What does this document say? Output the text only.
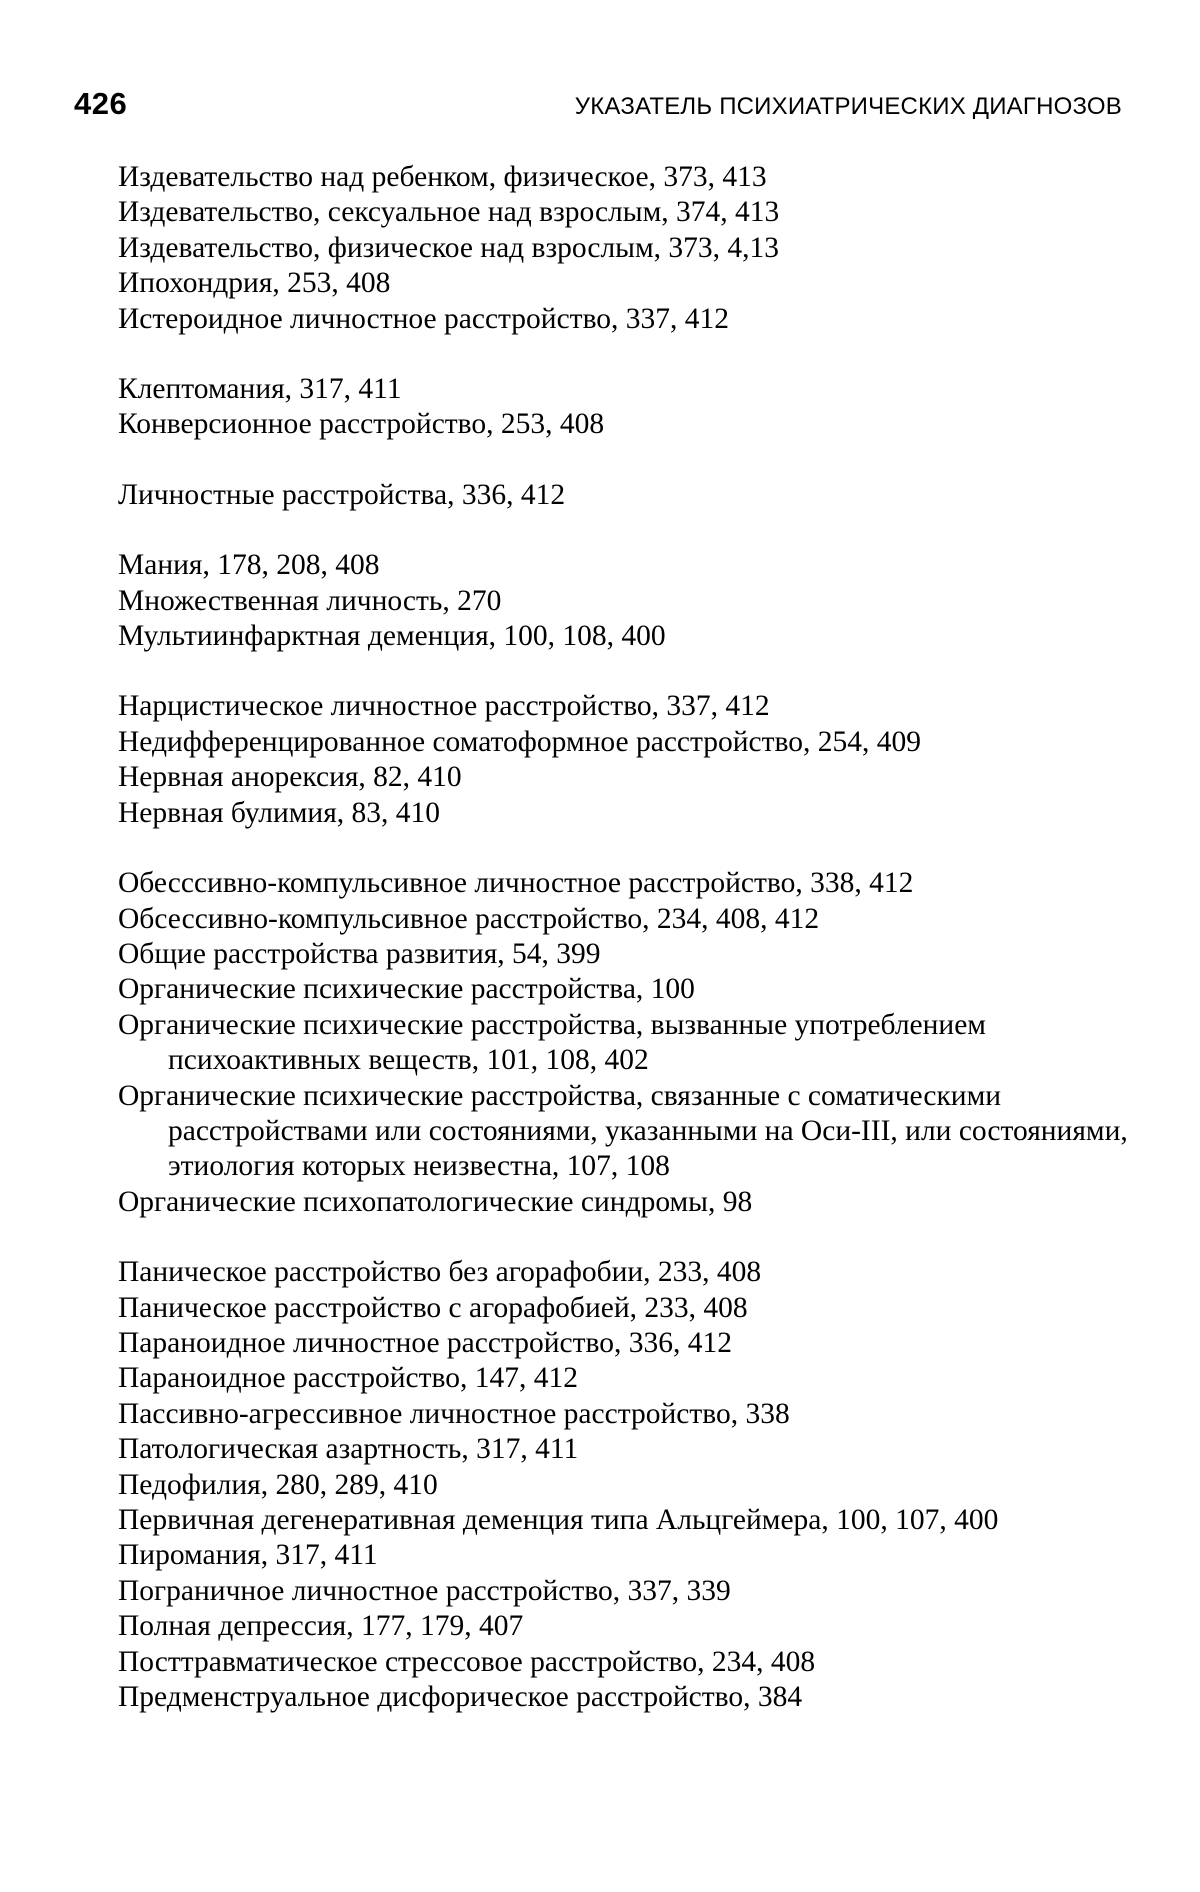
426	УКАЗАТЕЛЬ ПСИХИАТРИЧЕСКИХ ДИАГНОЗОВ
Издевательство над ребенком, физическое, 373, 413
Издевательство, сексуальное над взрослым, 374, 413
Издевательство, физическое над взрослым, 373, 4,13
Ипохондрия, 253, 408
Истероидное личностное расстройство, 337, 412
Клептомания, 317, 411
Конверсионное расстройство, 253, 408
Личностные расстройства, 336, 412
Мания, 178, 208, 408
Множественная личность, 270
Мультиинфарктная деменция, 100, 108, 400
Нарцистическое личностное расстройство, 337, 412
Недифференцированное соматоформное расстройство, 254, 409
Нервная анорексия, 82, 410
Нервная булимия, 83, 410
Обесссивно-компульсивное личностное расстройство, 338, 412
Обсессивно-компульсивное расстройство, 234, 408, 412
Общие расстройства развития, 54, 399
Органические психические расстройства, 100
Органические психические расстройства, вызванные употреблением психоактивных веществ, 101, 108, 402
Органические психические расстройства, связанные с соматическими расстройствами или состояниями, указанными на Оси-III, или состояниями, этиология которых неизвестна, 107, 108
Органические психопатологические синдромы, 98
Паническое расстройство без агорафобии, 233, 408
Паническое расстройство с агорафобией, 233, 408
Параноидное личностное расстройство, 336, 412
Параноидное расстройство, 147, 412
Пассивно-агрессивное личностное расстройство, 338
Патологическая азартность, 317, 411
Педофилия, 280, 289, 410
Первичная дегенеративная деменция типа Альцгеймера, 100, 107, 400
Пиромания, 317, 411
Пограничное личностное расстройство, 337, 339
Полная депрессия, 177, 179, 407
Посттравматическое стрессовое расстройство, 234, 408
Предменструальное дисфорическое расстройство, 384
